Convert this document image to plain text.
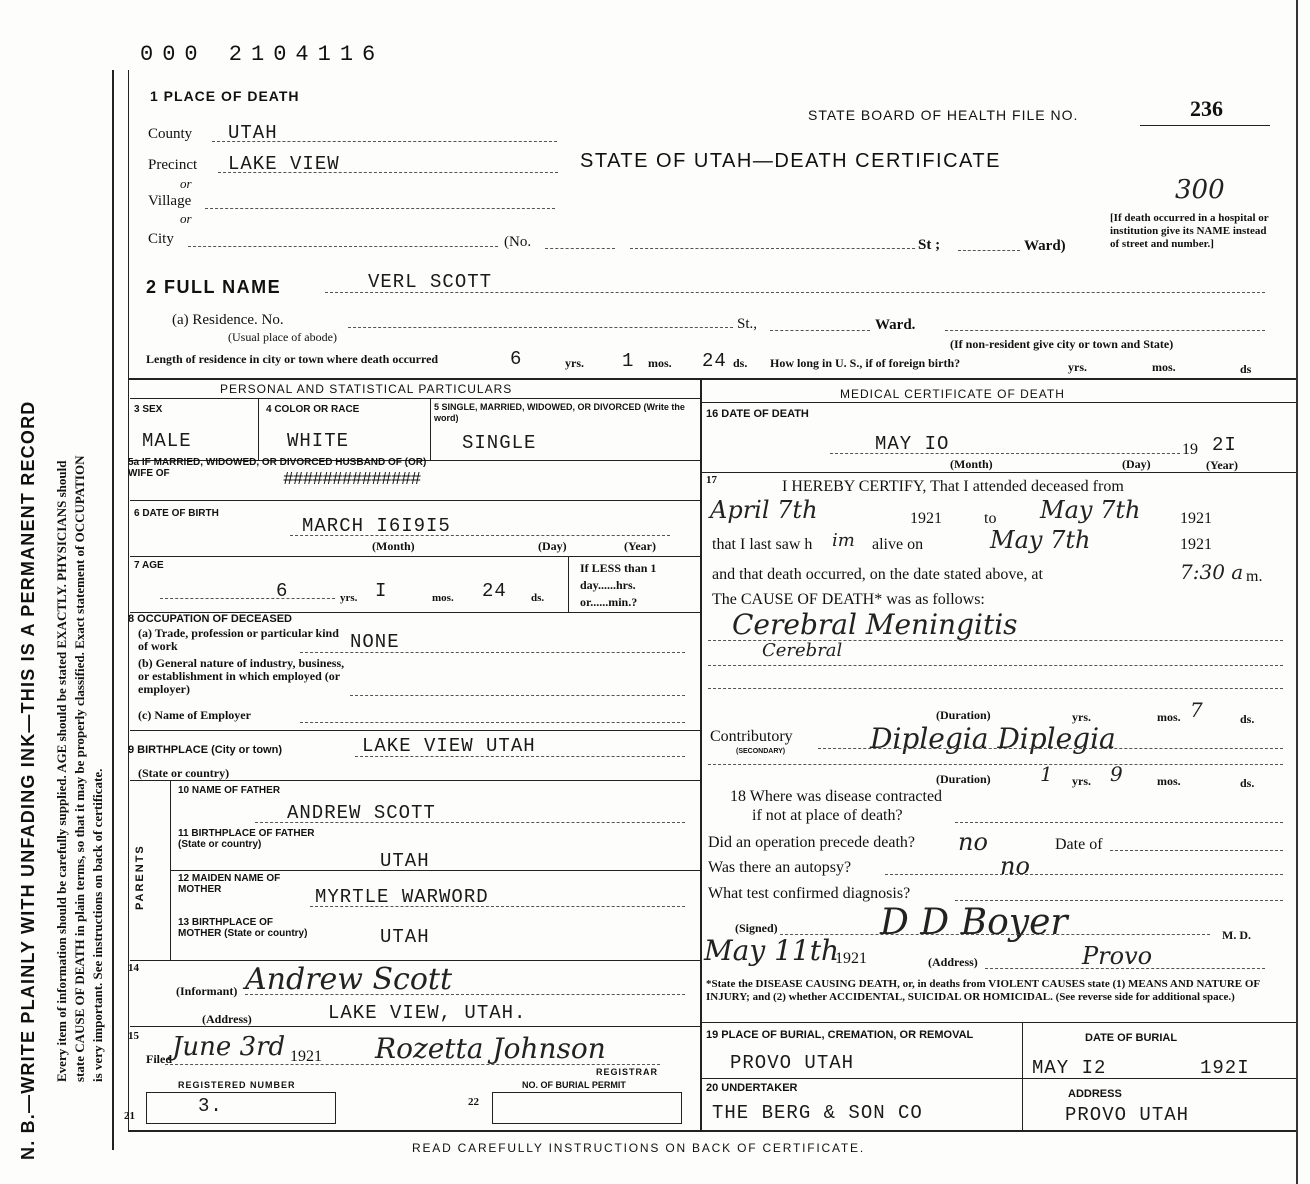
N. B.—WRITE PLAINLY WITH UNFADING INK—THIS IS A PERMANENT RECORD Every item of information should be carefully supplied. AGE should be stated EXACTLY. PHYSICIANS should state CAUSE OF DEATH in plain terms, so that it may be properly classified. Exact statement of OCCUPATION is very important. See instructions on back of certificate.
000 2104116
1 PLACE OF DEATH
STATE BOARD OF HEALTH FILE NO.	236
300
STATE OF UTAH—DEATH CERTIFICATE
County UTAH
Precinct LAKE VIEW
or
Village
or
City	(No.	St ;	Ward)
[If death occurred in a hospital or institution give its NAME instead of street and number.]
2 FULL NAME	VERL SCOTT
(a) Residence. No.
(Usual place of abode)
St.,	Ward.
(If non-resident give city or town and State)
Length of residence in city or town where death occurred	6	yrs. 1 mos. 24 ds. How long in U. S., if of foreign birth?	yrs.	mos.	ds
PERSONAL AND STATISTICAL PARTICULARS
3 SEX
MALE
4 COLOR OR RACE
WHITE
5 SINGLE, MARRIED, WIDOWED, OR DIVORCED (Write the word)
SINGLE
5a IF MARRIED, WIDOWED, OR DIVORCED HUSBAND OF (OR) WIFE OF	##############
6 DATE OF BIRTH
MARCH I6I9I5
(Month)	(Day)	(Year)
7 AGE
6	yrs. I	mos. 24 ds.
If LESS than 1 day......hrs. or......min.?
8 OCCUPATION OF DECEASED
(a) Trade, profession or particular kind of work	NONE
(b) General nature of industry, business, or establishment in which employed (or employer)
(c) Name of Employer
9 BIRTHPLACE (City or town)	LAKE VIEW UTAH
(State or country)
PARENTS
10 NAME OF FATHER
ANDREW SCOTT
11 BIRTHPLACE OF FATHER (State or country)
UTAH
12 MAIDEN NAME OF MOTHER	MYRTLE WARWORD
13 BIRTHPLACE OF MOTHER (State or country)	UTAH
14
(Informant) Andrew Scott
(Address)	LAKE VIEW, UTAH.
15
Filed June 3rd 1921 Rozetta Johnson
REGISTRAR
REGISTERED NUMBER	NO. OF BURIAL PERMIT
21	3.	22
MEDICAL CERTIFICATE OF DEATH
16 DATE OF DEATH
MAY IO	19 2I
(Month)	(Day)	(Year)
17	I HEREBY CERTIFY, That I attended deceased from
April 7th	1921	to May 7th 1921
that I last saw h im alive on	May 7th	1921
and that death occurred, on the date stated above, at	7:30 a m.
The CAUSE OF DEATH* was as follows:
Cerebral Meningitis
Cerebral
(Duration)	yrs.	mos. 7	ds.
Contributory
(SECONDARY)	Diplegia Diplegia
(Duration) 1 yrs. 9	mos.	ds.
18 Where was disease contracted
if not at place of death?
Did an operation precede death? no	Date of
Was there an autopsy?	no
What test confirmed diagnosis?
(Signed)	D D Boyer	M. D.
May 11th
1921	(Address)	Provo
*State the DISEASE CAUSING DEATH, or, in deaths from VIOLENT CAUSES state (1) MEANS AND NATURE OF INJURY; and (2) whether ACCIDENTAL, SUICIDAL OR HOMICIDAL. (See reverse side for additional space.)
19 PLACE OF BURIAL, CREMATION, OR REMOVAL
PROVO UTAH
DATE OF BURIAL
MAY I2	192I
20 UNDERTAKER
THE BERG & SON CO
ADDRESS
PROVO UTAH
READ CAREFULLY INSTRUCTIONS ON BACK OF CERTIFICATE.
